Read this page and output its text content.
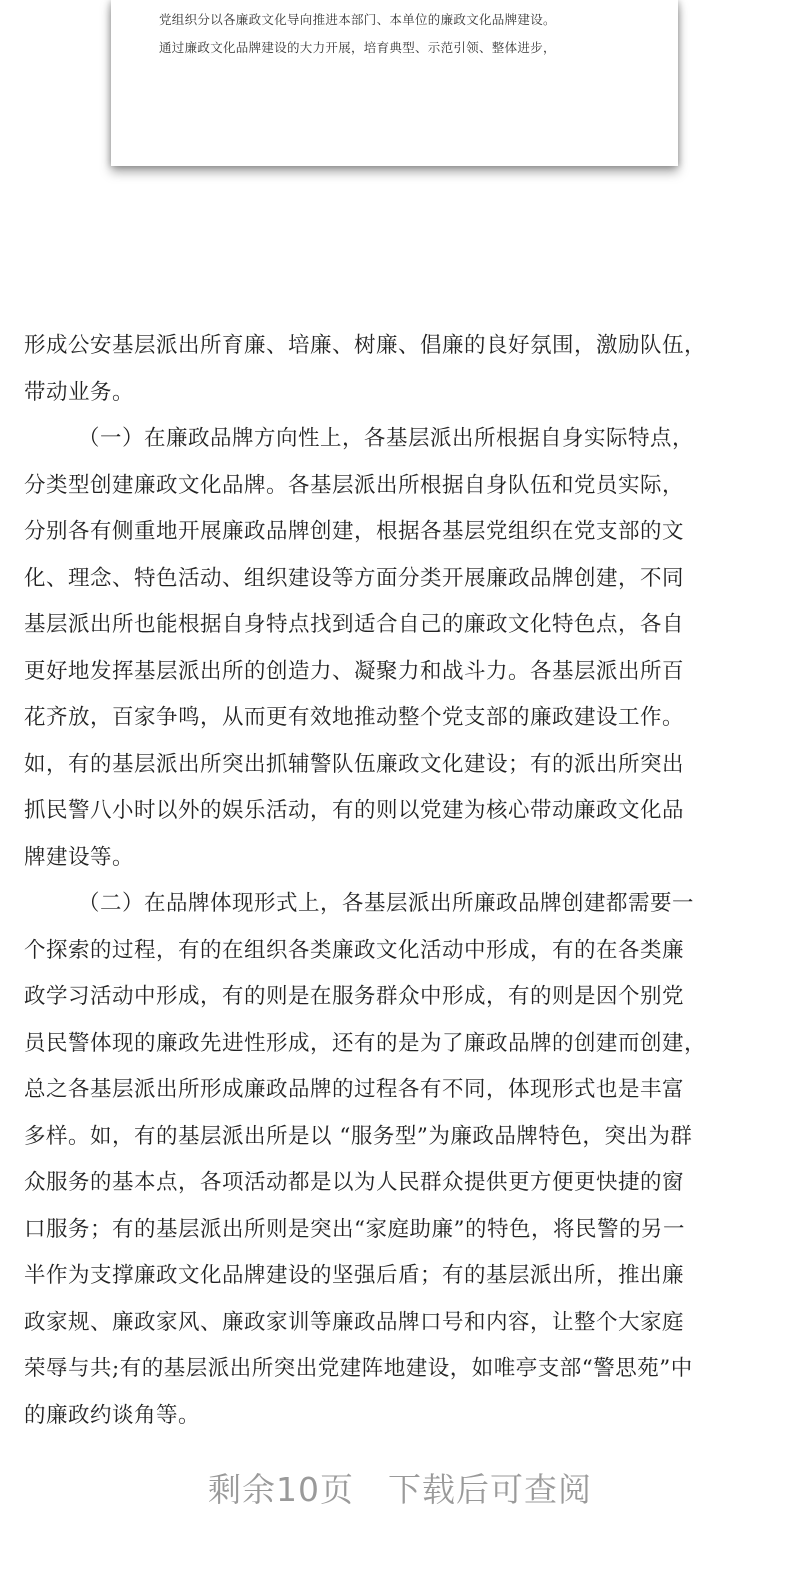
党组织分以各廉政文化导向推进本部门、本单位的廉政文化品牌建设。
通过廉政文化品牌建设的大力开展，培育典型、示范引领、整体进步，
形成公安基层派出所育廉、培廉、树廉、倡廉的良好氛围，激励队伍，
带动业务。
（一）在廉政品牌方向性上，各基层派出所根据自身实际特点，
分类型创建廉政文化品牌。各基层派出所根据自身队伍和党员实际，
分别各有侧重地开展廉政品牌创建，根据各基层党组织在党支部的文
化、理念、特色活动、组织建设等方面分类开展廉政品牌创建，不同
基层派出所也能根据自身特点找到适合自己的廉政文化特色点，各自
更好地发挥基层派出所的创造力、凝聚力和战斗力。各基层派出所百
花齐放，百家争鸣，从而更有效地推动整个党支部的廉政建设工作。
如，有的基层派出所突出抓辅警队伍廉政文化建设；有的派出所突出
抓民警八小时以外的娱乐活动，有的则以党建为核心带动廉政文化品
牌建设等。
（二）在品牌体现形式上，各基层派出所廉政品牌创建都需要一
个探索的过程，有的在组织各类廉政文化活动中形成，有的在各类廉
政学习活动中形成，有的则是在服务群众中形成，有的则是因个别党
员民警体现的廉政先进性形成，还有的是为了廉政品牌的创建而创建，
总之各基层派出所形成廉政品牌的过程各有不同，体现形式也是丰富
多样。如，有的基层派出所是以 “服务型”为廉政品牌特色，突出为群
众服务的基本点，各项活动都是以为人民群众提供更方便更快捷的窗
口服务；有的基层派出所则是突出“家庭助廉”的特色，将民警的另一
半作为支撑廉政文化品牌建设的坚强后盾；有的基层派出所，推出廉
政家规、廉政家风、廉政家训等廉政品牌口号和内容，让整个大家庭
荣辱与共;有的基层派出所突出党建阵地建设，如唯亭支部“警思苑”中
的廉政约谈角等。
剩余10页 下载后可查阅
